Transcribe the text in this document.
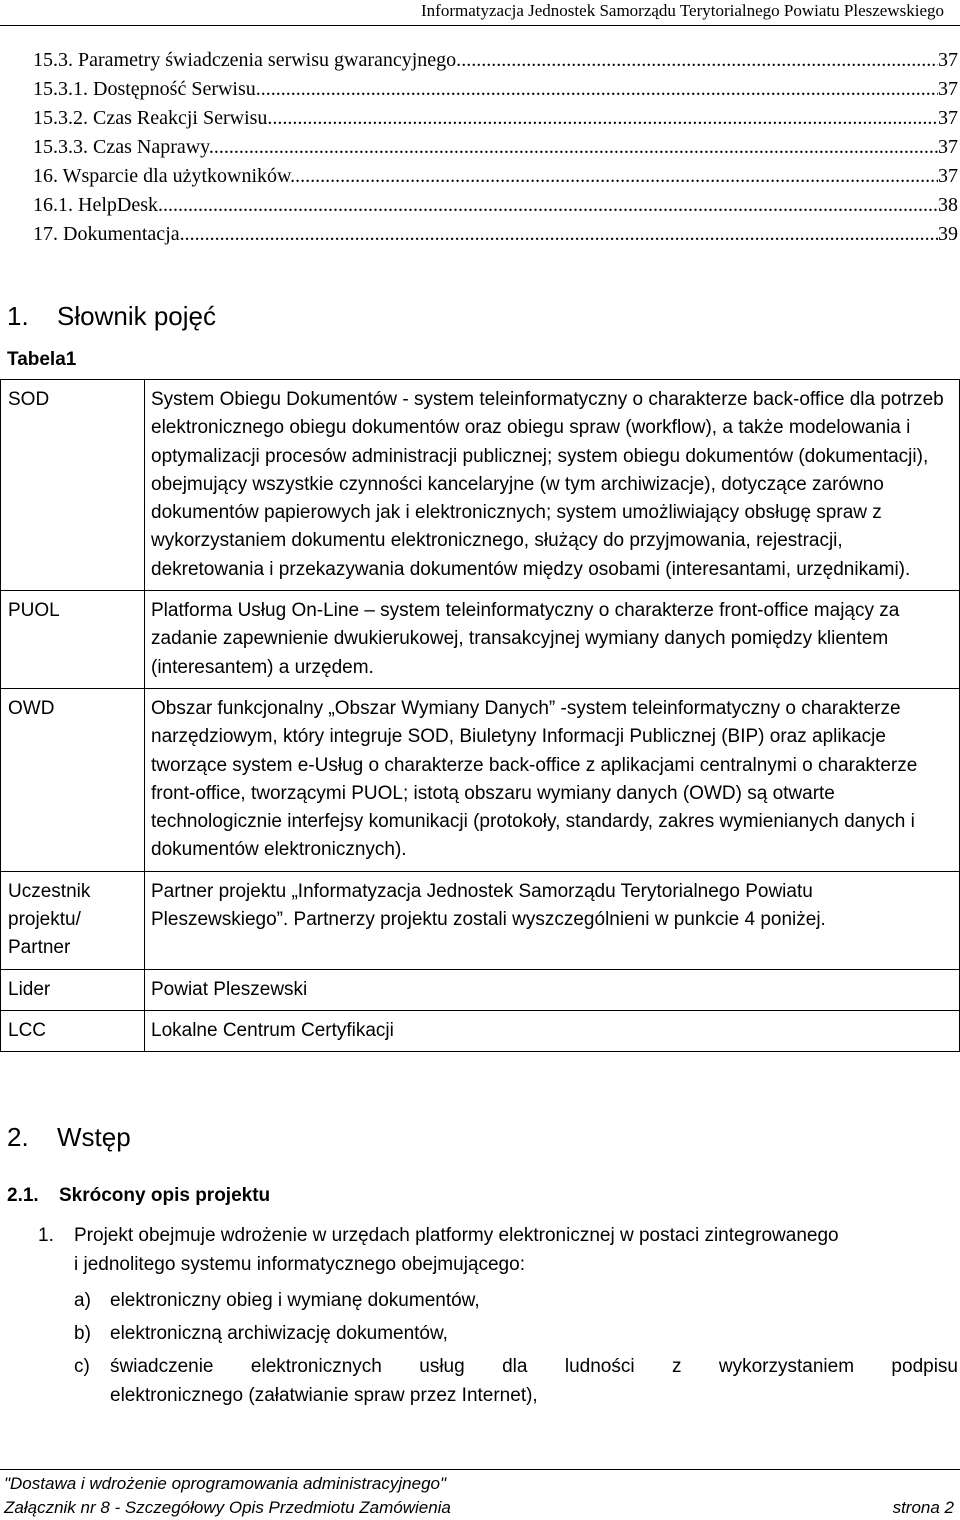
Informatyzacja Jednostek Samorządu Terytorialnego Powiatu Pleszewskiego
15.3. Parametry świadczenia serwisu gwarancyjnego. .....	37
15.3.1. Dostępność Serwisu. .....	37
15.3.2. Czas Reakcji Serwisu. .....	37
15.3.3. Czas Naprawy. .....	37
16. Wsparcie dla użytkowników. .....	37
16.1. HelpDesk. .....	38
17. Dokumentacja. .....	39
1. Słownik pojęć
Tabela1
SOD	System Obiegu Dokumentów - system teleinformatyczny o charakterze back-office dla potrzeb elektronicznego obiegu dokumentów oraz obiegu spraw (workflow), a także modelowania i optymalizacji procesów administracji publicznej; system obiegu dokumentów (dokumentacji), obejmujący wszystkie czynności kancelaryjne (w tym archiwizacje), dotyczące zarówno dokumentów papierowych jak i elektronicznych; system umożliwiający obsługę spraw z wykorzystaniem dokumentu elektronicznego, służący do przyjmowania, rejestracji, dekretowania i przekazywania dokumentów między osobami (interesantami, urzędnikami).
PUOL	Platforma Usług On-Line – system teleinformatyczny o charakterze front-office mający za zadanie zapewnienie dwukierukowej, transakcyjnej wymiany danych pomiędzy klientem (interesantem) a urzędem.
OWD	Obszar funkcjonalny „Obszar Wymiany Danych” -system teleinformatyczny o charakterze narzędziowym, który integruje SOD, Biuletyny Informacji Publicznej (BIP) oraz aplikacje tworzące system e-Usług o charakterze back-office z aplikacjami centralnymi o charakterze front-office, tworzącymi PUOL; istotą obszaru wymiany danych (OWD) są otwarte technologicznie interfejsy komunikacji (protokoły, standardy, zakres wymienianych danych i dokumentów elektronicznych).
Uczestnik projektu/ Partner	Partner projektu „Informatyzacja Jednostek Samorządu Terytorialnego Powiatu Pleszewskiego”. Partnerzy projektu zostali wyszczególnieni w punkcie 4 poniżej.
Lider	Powiat Pleszewski
LCC	Lokalne Centrum Certyfikacji
2. Wstęp
2.1. Skrócony opis projektu
1. Projekt obejmuje wdrożenie w urzędach platformy elektronicznej w postaci zintegrowanego
i jednolitego systemu informatycznego obejmującego:
a) elektroniczny obieg i wymianę dokumentów,
b) elektroniczną archiwizację dokumentów,
c)	świadczenie elektronicznych usług dla ludności z wykorzystaniem podpisu
elektronicznego (załatwianie spraw przez Internet),
"Dostawa i wdrożenie oprogramowania administracyjnego"
Załącznik nr 8 - Szczegółowy Opis Przedmiotu Zamówienia	strona 2
